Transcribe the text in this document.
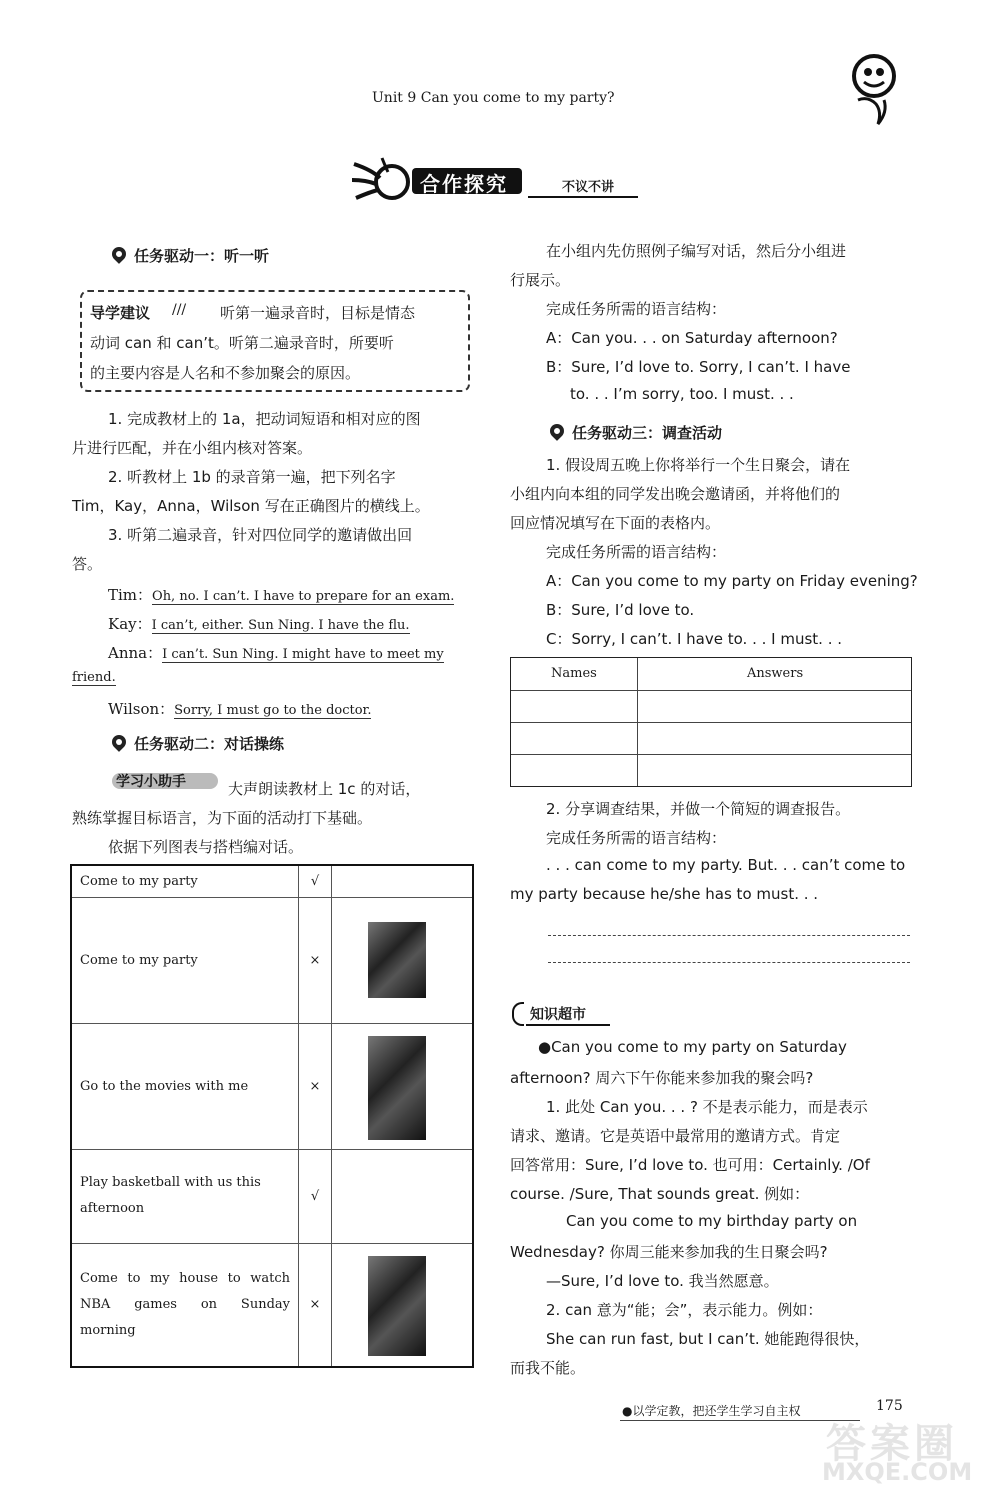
Unit 9 Can you come to my party?
合作探究	不议不讲
任务驱动一：听一听
导学建议 /// 听第一遍录音时，目标是情态
动词 can 和 can’t。听第二遍录音时，所要听
的主要内容是人名和不参加聚会的原因。
1. 完成教材上的 1a，把动词短语和相对应的图
片进行匹配，并在小组内核对答案。
2. 听教材上 1b 的录音第一遍，把下列名字
Tim，Kay，Anna，Wilson 写在正确图片的横线上。
3. 听第二遍录音，针对四位同学的邀请做出回
答。
Tim：Oh, no. I can’t. I have to prepare for an exam.
Kay：I can’t, either. Sun Ning. I have the flu.
Anna：I can’t. Sun Ning. I might have to meet my
friend.
Wilson：Sorry, I must go to the doctor.
任务驱动二：对话操练
学习小助手	大声朗读教材上 1c 的对话，
熟练掌握目标语言，为下面的活动打下基础。
依据下列图表与搭档编对话。
Come to my party	√	
Come to my party	×	

Go to the movies with me	×	

Play basketball with us this afternoon	√	
Come to my house to watch NBA games on Sunday morning	×	
在小组内先仿照例子编写对话，然后分小组进
行展示。
完成任务所需的语言结构：
A：Can you. . . on Saturday afternoon?
B：Sure, I’d love to. Sorry, I can’t. I have
to. . . I’m sorry, too. I must. . .
任务驱动三：调查活动
1. 假设周五晚上你将举行一个生日聚会，请在
小组内向本组的同学发出晚会邀请函，并将他们的
回应情况填写在下面的表格内。
完成任务所需的语言结构：
A：Can you come to my party on Friday evening?
B：Sure, I’d love to.
C：Sorry, I can’t. I have to. . . I must. . .
Names	Answers
2. 分享调查结果，并做一个简短的调查报告。
完成任务所需的语言结构：
. . . can come to my party. But. . . can’t come to
my party because he/she has to must. . .
知识超市
●Can you come to my party on Saturday
afternoon? 周六下午你能来参加我的聚会吗?
1. 此处 Can you. . . ? 不是表示能力，而是表示
请求、邀请。它是英语中最常用的邀请方式。肯定
回答常用：Sure, I’d love to. 也可用：Certainly. /Of
course. /Sure, That sounds great. 例如：
Can you come to my birthday party on
Wednesday? 你周三能来参加我的生日聚会吗?
—Sure, I’d love to. 我当然愿意。
2. can 意为“能；会”，表示能力。例如：
She can run fast, but I can’t. 她能跑得很快，
而我不能。
●以学定教，把还学生学习自主权	175
答案圈
MXQE.COM
